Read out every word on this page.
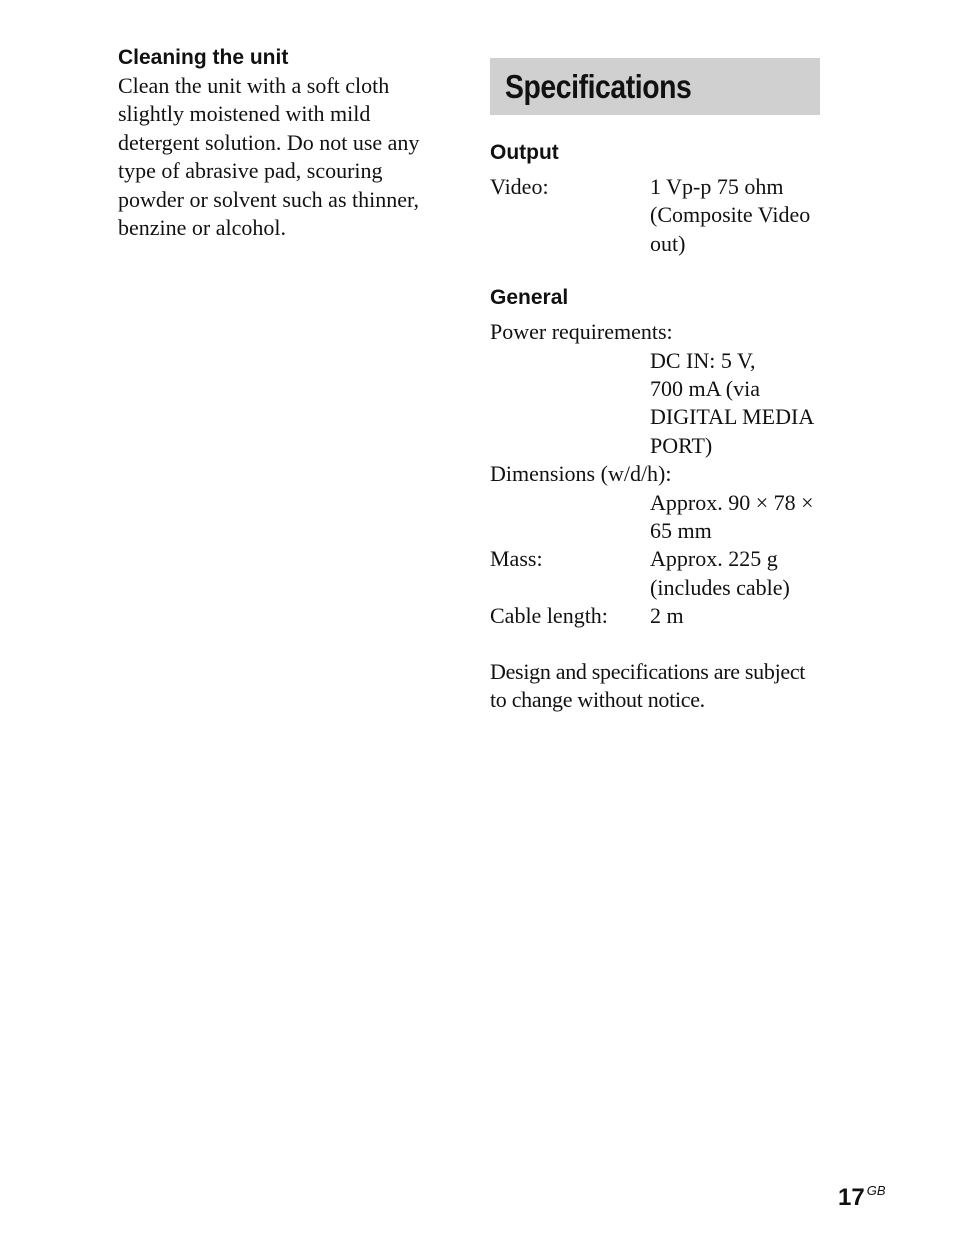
Cleaning the unit
Clean the unit with a soft cloth
slightly moistened with mild
detergent solution. Do not use any
type of abrasive pad, scouring
powder or solvent such as thinner,
benzine or alcohol.
Specifications
Output
Video:	1 Vp-p 75 ohm
(Composite Video
out)
General
Power requirements:
DC IN: 5 V,
700 mA (via
DIGITAL MEDIA
PORT)
Dimensions (w/d/h):
Approx. 90 × 78 ×
65 mm
Mass:	Approx. 225 g
(includes cable)
Cable length:	2 m
Design and specifications are subject
to change without notice.
17 $^{GB}$
